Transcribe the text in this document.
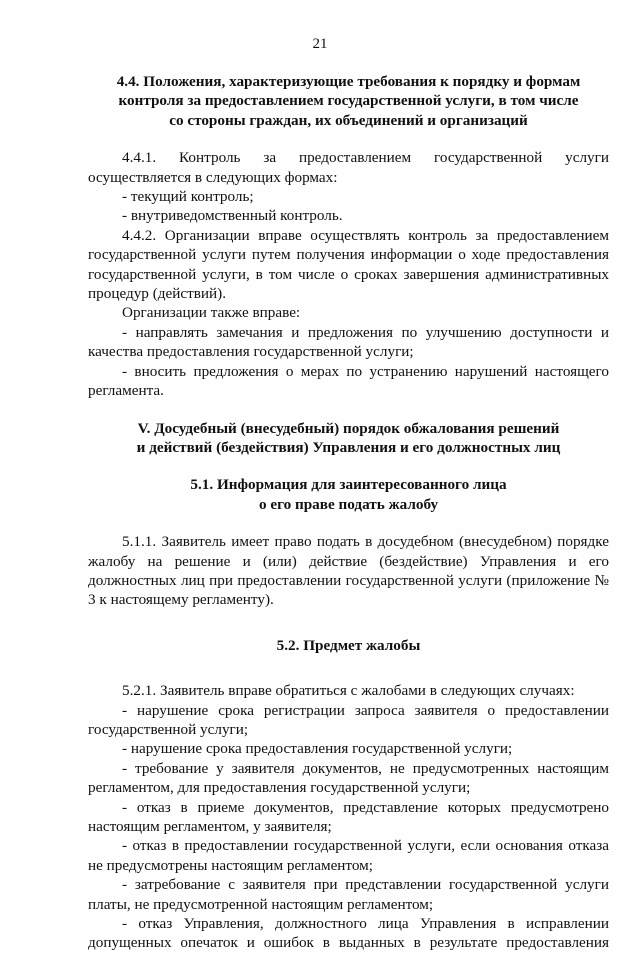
21
4.4. Положения, характеризующие требования к порядку и формам
контроля за предоставлением государственной услуги, в том числе
со стороны граждан, их объединений и организаций

4.4.1. Контроль за предоставлением государственной услуги осуществляется в следующих формах:

- текущий контроль;

- внутриведомственный контроль.

4.4.2. Организации вправе осуществлять контроль за предоставлением государственной услуги путем получения информации о ходе предоставления государственной услуги, в том числе о сроках завершения административных процедур (действий).

Организации также вправе:

- направлять замечания и предложения по улучшению доступности и качества предоставления государственной услуги;

- вносить предложения о мерах по устранению нарушений настоящего регламента.

V. Досудебный (внесудебный) порядок обжалования решений
и действий (бездействия) Управления и его должностных лиц
5.1. Информация для заинтересованного лица
о его праве подать жалобу

5.1.1. Заявитель имеет право подать в досудебном (внесудебном) порядке жалобу на решение и (или) действие (бездействие) Управления и его должностных лиц при предоставлении государственной услуги (приложение № 3 к настоящему регламенту).

5.2. Предмет жалобы

5.2.1. Заявитель вправе обратиться с жалобами в следующих случаях:

- нарушение срока регистрации запроса заявителя о предоставлении государственной услуги;

- нарушение срока предоставления государственной услуги;

- требование у заявителя документов, не предусмотренных настоящим регламентом, для предоставления государственной услуги;

- отказ в приеме документов, представление которых предусмотрено настоящим регламентом, у заявителя;

- отказ в предоставлении государственной услуги, если основания отказа не предусмотрены настоящим регламентом;

- затребование с заявителя при представлении государственной услуги платы, не предусмотренной настоящим регламентом;

- отказ Управления, должностного лица Управления в исправлении допущенных опечаток и ошибок в выданных в результате предоставления
